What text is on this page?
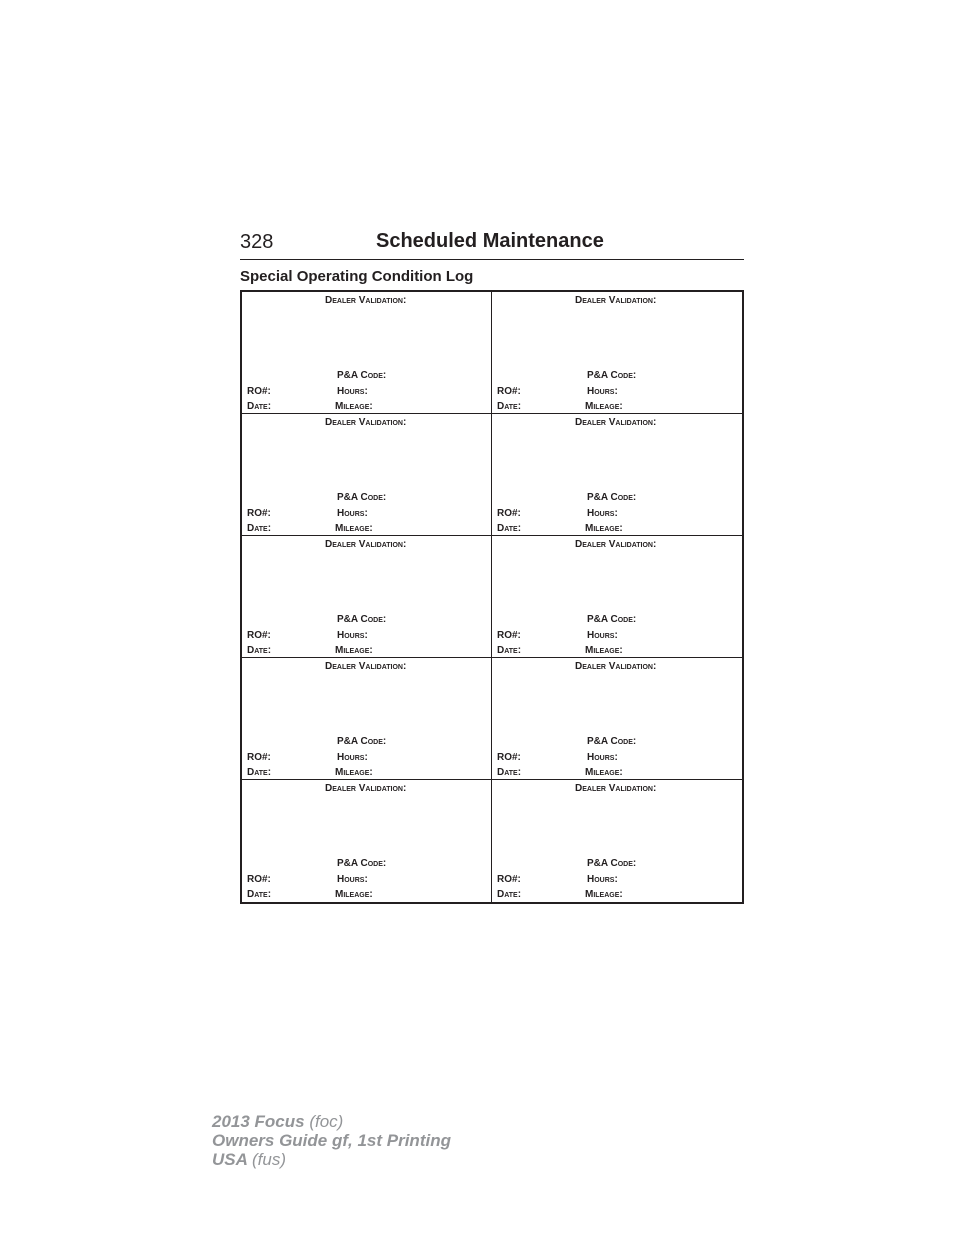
328	Scheduled Maintenance
Special Operating Condition Log
Dealer Validation:
P&A Code:
RO#:	Hours:
Date:	Mileage:
Dealer Validation:
P&A Code:
RO#:	Hours:
Date:	Mileage:
Dealer Validation:
P&A Code:
RO#:	Hours:
Date:	Mileage:
Dealer Validation:
P&A Code:
RO#:	Hours:
Date:	Mileage:
Dealer Validation:
P&A Code:
RO#:	Hours:
Date:	Mileage:
Dealer Validation:
P&A Code:
RO#:	Hours:
Date:	Mileage:
Dealer Validation:
P&A Code:
RO#:	Hours:
Date:	Mileage:
Dealer Validation:
P&A Code:
RO#:	Hours:
Date:	Mileage:
Dealer Validation:
P&A Code:
RO#:	Hours:
Date:	Mileage:
Dealer Validation:
P&A Code:
RO#:	Hours:
Date:	Mileage:
2013 Focus (foc)
Owners Guide gf, 1st Printing
USA (fus)
